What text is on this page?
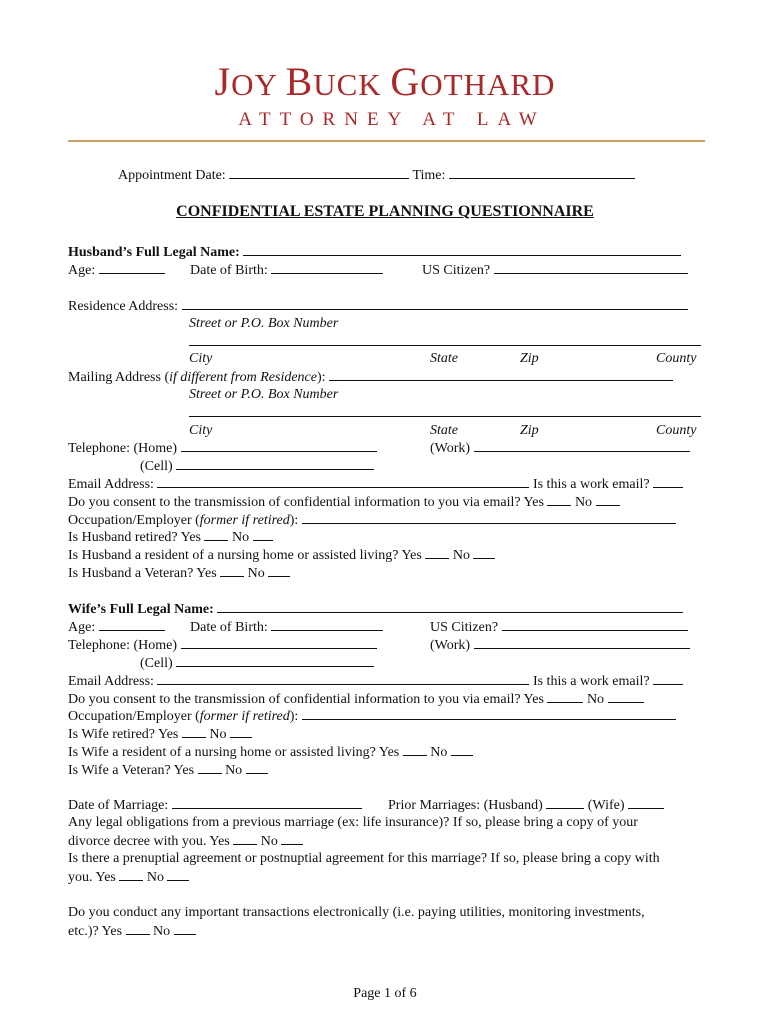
JOY BUCK GOTHARD
ATTORNEY AT LAW
Appointment Date:	Time:
CONFIDENTIAL ESTATE PLANNING QUESTIONNAIRE
Husband’s Full Legal Name:
Age:	Date of Birth:	US Citizen?
Residence Address:
Street or P.O. Box Number
City	State	Zip	County
Mailing Address (if different from Residence):
Street or P.O. Box Number
City	State	Zip	County
Telephone: (Home)	(Work)
(Cell)
Email Address:	Is this a work email?
Do you consent to the transmission of confidential information to you via email? Yes No
Occupation/Employer (former if retired):
Is Husband retired? Yes No
Is Husband a resident of a nursing home or assisted living? Yes No
Is Husband a Veteran? Yes No
Wife’s Full Legal Name:
Age:	Date of Birth:	US Citizen?
Telephone: (Home)	(Work)
(Cell)
Email Address:	Is this a work email?
Do you consent to the transmission of confidential information to you via email? Yes	No
Occupation/Employer (former if retired):
Is Wife retired? Yes No
Is Wife a resident of a nursing home or assisted living? Yes No
Is Wife a Veteran? Yes No
Date of Marriage:	Prior Marriages: (Husband)	(Wife)
Any legal obligations from a previous marriage (ex: life insurance)? If so, please bring a copy of your
divorce decree with you. Yes No
Is there a prenuptial agreement or postnuptial agreement for this marriage? If so, please bring a copy with
you. Yes No
Do you conduct any important transactions electronically (i.e. paying utilities, monitoring investments,
etc.)? Yes No
Page 1 of 6
